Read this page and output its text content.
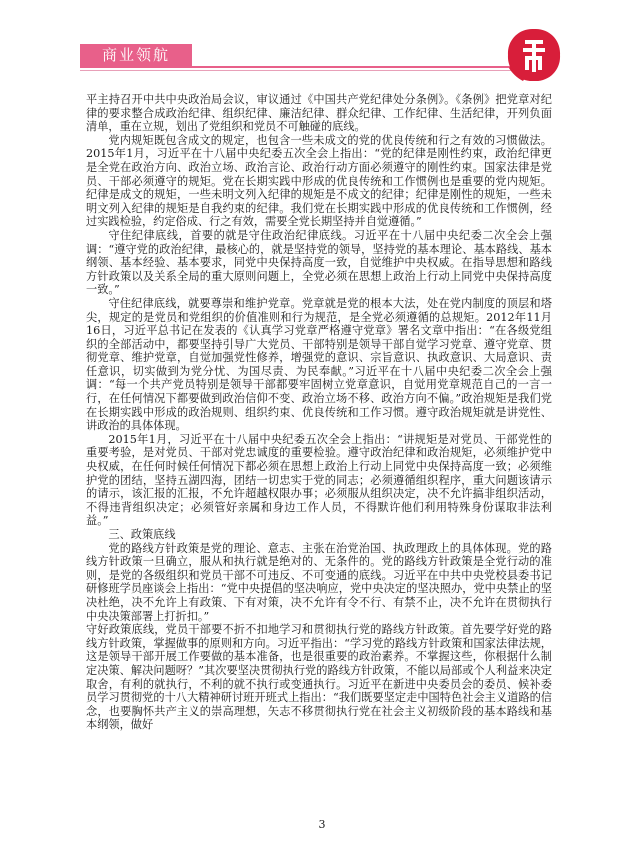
商业领航

平主持召开中共中央政治局会议，审议通过《中国共产党纪律处分条例》。《条例》把党章对纪律的要求整合成政治纪律、组织纪律、廉洁纪律、群众纪律、工作纪律、生活纪律，开列负面清单，重在立规，划出了党组织和党员不可触碰的底线。

党内规矩既包含成文的规定，也包含一些未成文的党的优良传统和行之有效的习惯做法。2015年1月，习近平在十八届中央纪委五次全会上指出：“党的纪律是刚性约束，政治纪律更是全党在政治方向、政治立场、政治言论、政治行动方面必须遵守的刚性约束。国家法律是党员、干部必须遵守的规矩。党在长期实践中形成的优良传统和工作惯例也是重要的党内规矩。纪律是成文的规矩，一些未明文列入纪律的规矩是不成文的纪律；纪律是刚性的规矩，一些未明文列入纪律的规矩是自我约束的纪律。我们党在长期实践中形成的优良传统和工作惯例，经过实践检验，约定俗成、行之有效，需要全党长期坚持并自觉遵循。”

守住纪律底线，首要的就是守住政治纪律底线。习近平在十八届中央纪委二次全会上强调：“遵守党的政治纪律，最核心的，就是坚持党的领导，坚持党的基本理论、基本路线、基本纲领、基本经验、基本要求，同党中央保持高度一致，自觉维护中央权威。在指导思想和路线方针政策以及关系全局的重大原则问题上，全党必须在思想上政治上行动上同党中央保持高度一致。”

守住纪律底线，就要尊崇和维护党章。党章就是党的根本大法，处在党内制度的顶层和塔尖，规定的是党员和党组织的价值准则和行为规范，是全党必须遵循的总规矩。2012年11月16日，习近平总书记在发表的《认真学习党章严格遵守党章》署名文章中指出：“在各级党组织的全部活动中，都要坚持引导广大党员、干部特别是领导干部自觉学习党章、遵守党章、贯彻党章、维护党章，自觉加强党性修养，增强党的意识、宗旨意识、执政意识、大局意识、责任意识，切实做到为党分忧、为国尽责、为民奉献。”习近平在十八届中央纪委二次全会上强调：“每一个共产党员特别是领导干部都要牢固树立党章意识，自觉用党章规范自己的一言一行，在任何情况下都要做到政治信仰不变、政治立场不移、政治方向不偏。”政治规矩是我们党在长期实践中形成的政治规则、组织约束、优良传统和工作习惯。遵守政治规矩就是讲党性、讲政治的具体体现。

2015年1月，习近平在十八届中央纪委五次全会上指出：“讲规矩是对党员、干部党性的重要考验，是对党员、干部对党忠诚度的重要检验。遵守政治纪律和政治规矩，必须维护党中央权威，在任何时候任何情况下都必须在思想上政治上行动上同党中央保持高度一致；必须维护党的团结，坚持五湖四海，团结一切忠实于党的同志；必须遵循组织程序，重大问题该请示的请示，该汇报的汇报，不允许超越权限办事；必须服从组织决定，决不允许搞非组织活动，不得违背组织决定；必须管好亲属和身边工作人员，不得默许他们利用特殊身份谋取非法利益。”

三、政策底线

党的路线方针政策是党的理论、意志、主张在治党治国、执政理政上的具体体现。党的路线方针政策一旦确立，服从和执行就是绝对的、无条件的。党的路线方针政策是全党行动的准则，是党的各级组织和党员干部不可违反、不可变通的底线。习近平在中共中央党校县委书记研修班学员座谈会上指出：“党中央提倡的坚决响应，党中央决定的坚决照办，党中央禁止的坚决杜绝，决不允许上有政策、下有对策，决不允许有令不行、有禁不止，决不允许在贯彻执行中央决策部署上打折扣。”

守好政策底线，党员干部要不折不扣地学习和贯彻执行党的路线方针政策。首先要学好党的路线方针政策，掌握做事的原则和方向。习近平指出：“学习党的路线方针政策和国家法律法规，这是领导干部开展工作要做的基本准备，也是很重要的政治素养。不掌握这些，你根据什么制定决策、解决问题呀？”其次要坚决贯彻执行党的路线方针政策，不能以局部或个人利益来决定取舍，有利的就执行，不利的就不执行或变通执行。习近平在新进中央委员会的委员、候补委员学习贯彻党的十八大精神研讨班开班式上指出：“我们既要坚定走中国特色社会主义道路的信念，也要胸怀共产主义的崇高理想，矢志不移贯彻执行党在社会主义初级阶段的基本路线和基本纲领，做好

3
